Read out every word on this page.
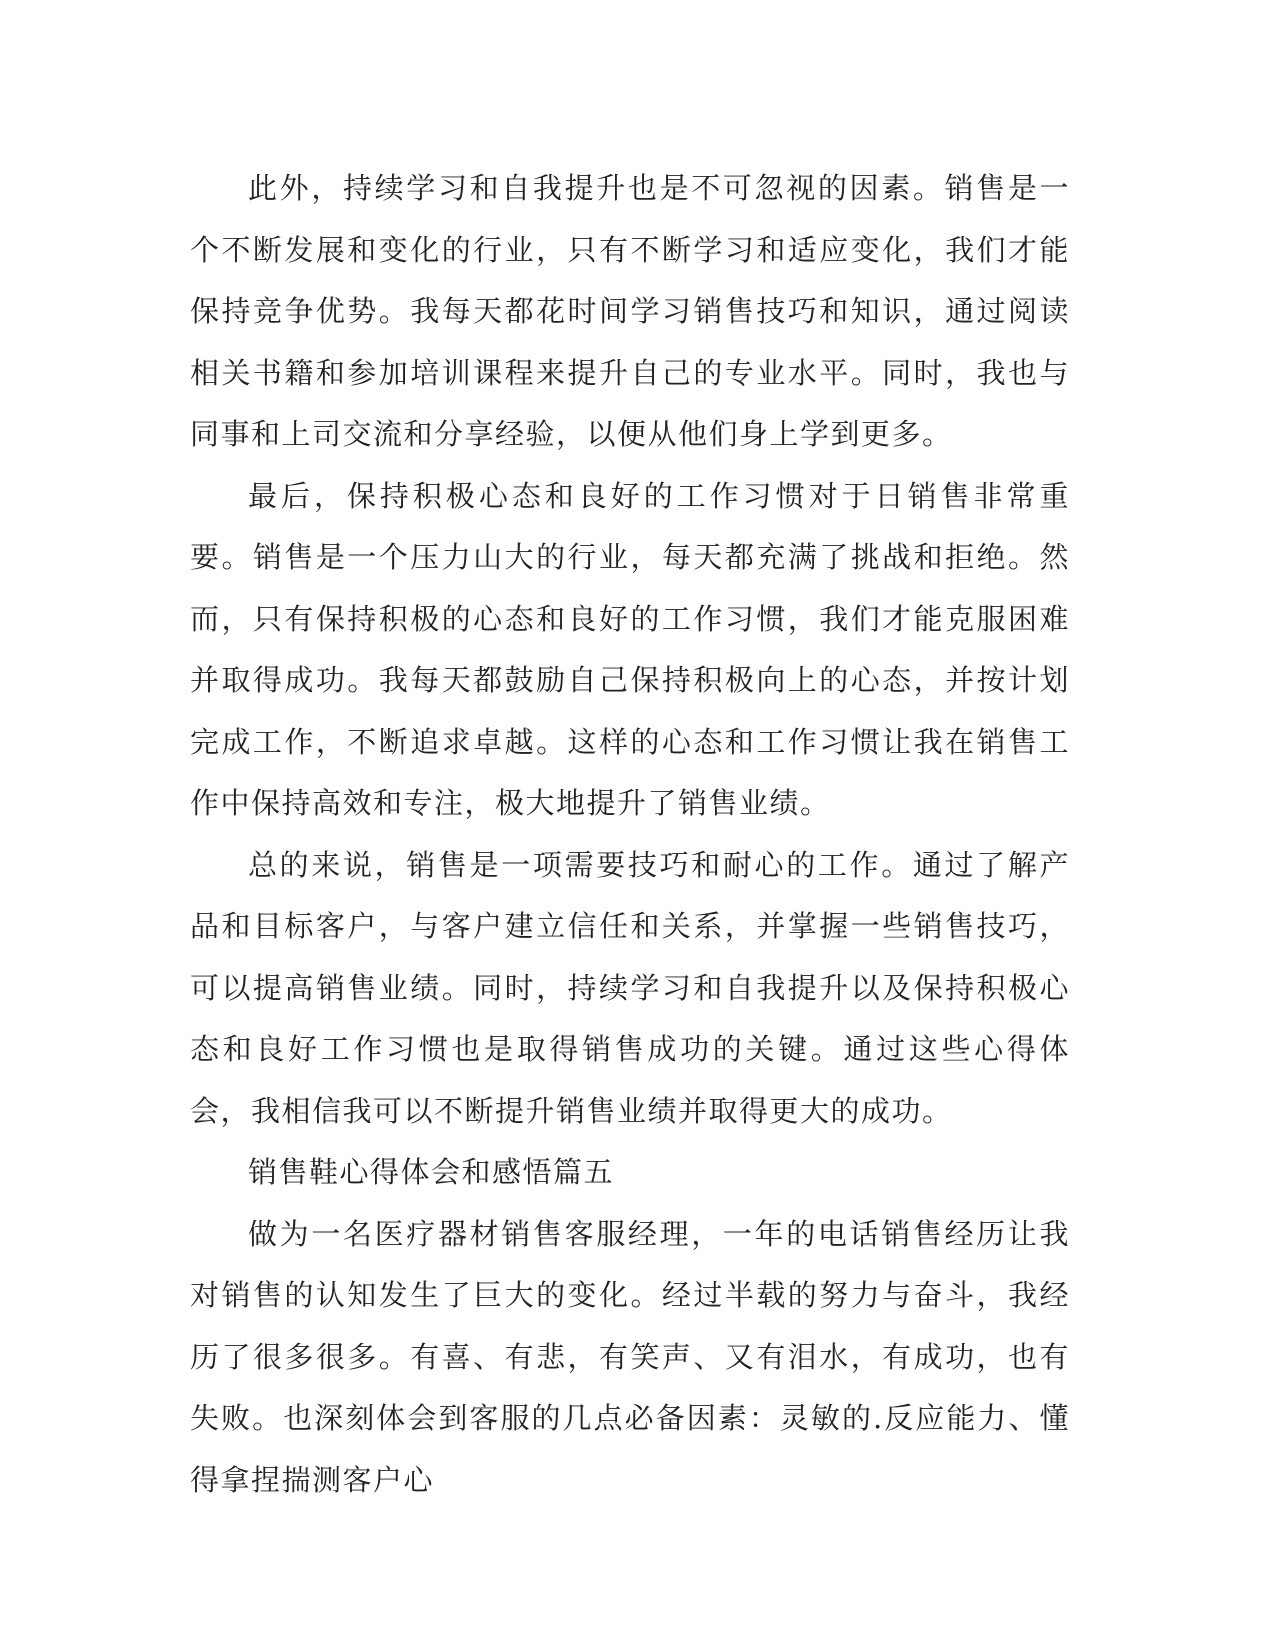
此外，持续学习和自我提升也是不可忽视的因素。销售是一个不断发展和变化的行业，只有不断学习和适应变化，我们才能保持竞争优势。我每天都花时间学习销售技巧和知识，通过阅读相关书籍和参加培训课程来提升自己的专业水平。同时，我也与同事和上司交流和分享经验，以便从他们身上学到更多。

最后，保持积极心态和良好的工作习惯对于日销售非常重要。销售是一个压力山大的行业，每天都充满了挑战和拒绝。然而，只有保持积极的心态和良好的工作习惯，我们才能克服困难并取得成功。我每天都鼓励自己保持积极向上的心态，并按计划完成工作，不断追求卓越。这样的心态和工作习惯让我在销售工作中保持高效和专注，极大地提升了销售业绩。

总的来说，销售是一项需要技巧和耐心的工作。通过了解产品和目标客户，与客户建立信任和关系，并掌握一些销售技巧，可以提高销售业绩。同时，持续学习和自我提升以及保持积极心态和良好工作习惯也是取得销售成功的关键。通过这些心得体会，我相信我可以不断提升销售业绩并取得更大的成功。

销售鞋心得体会和感悟篇五

做为一名医疗器材销售客服经理，一年的电话销售经历让我对销售的认知发生了巨大的变化。经过半载的努力与奋斗，我经历了很多很多。有喜、有悲，有笑声、又有泪水，有成功，也有失败。也深刻体会到客服的几点必备因素：灵敏的.反应能力、懂得拿捏揣测客户心
